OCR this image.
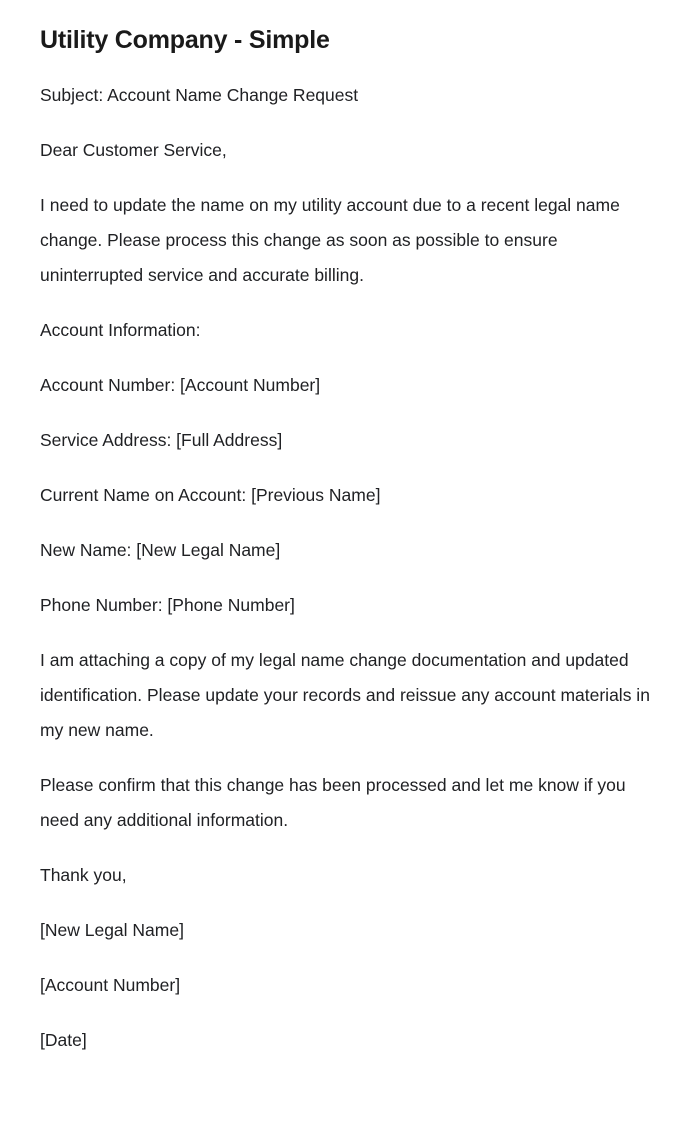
Utility Company - Simple

Subject: Account Name Change Request

Dear Customer Service,

I need to update the name on my utility account due to a recent legal name change. Please process this change as soon as possible to ensure uninterrupted service and accurate billing.

Account Information:

Account Number: [Account Number]

Service Address: [Full Address]

Current Name on Account: [Previous Name]

New Name: [New Legal Name]

Phone Number: [Phone Number]

I am attaching a copy of my legal name change documentation and updated identification. Please update your records and reissue any account materials in my new name.

Please confirm that this change has been processed and let me know if you need any additional information.

Thank you,

[New Legal Name]

[Account Number]

[Date]
